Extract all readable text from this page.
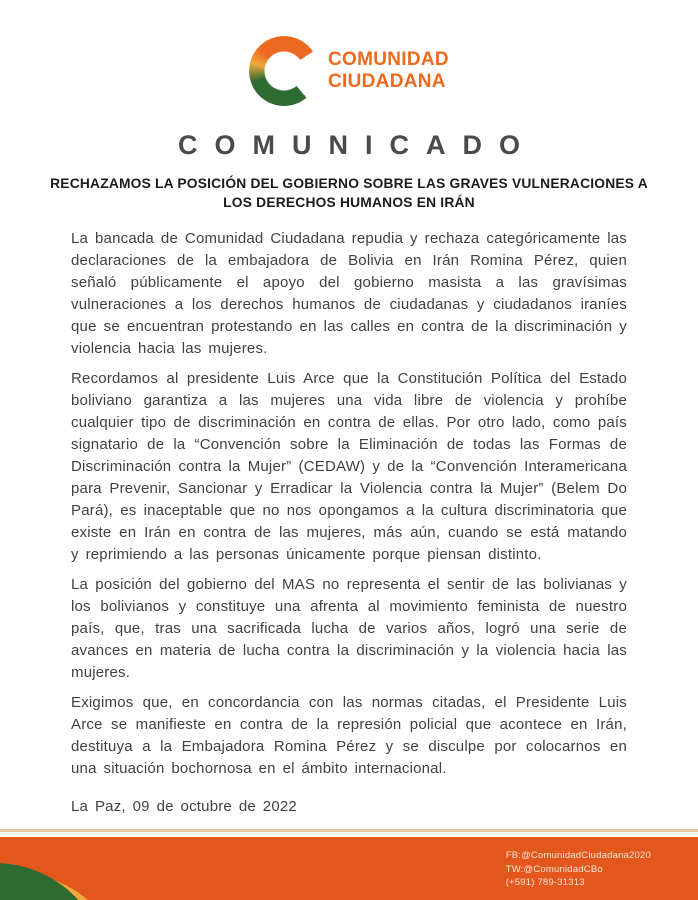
COMUNIDAD
CIUDADANA
COMUNICADO
RECHAZAMOS LA POSICIÓN DEL GOBIERNO SOBRE LAS GRAVES VULNERACIONES A
LOS DERECHOS HUMANOS EN IRÁN

La bancada de Comunidad Ciudadana repudia y rechaza categóricamente las declaraciones de la embajadora de Bolivia en Irán Romina Pérez, quien señaló públicamente el apoyo del gobierno masista a las gravísimas vulneraciones a los derechos humanos de ciudadanas y ciudadanos iraníes que se encuentran protestando en las calles en contra de la discriminación y violencia hacia las mujeres.

Recordamos al presidente Luis Arce que la Constitución Política del Estado boliviano garantiza a las mujeres una vida libre de violencia y prohíbe cualquier tipo de discriminación en contra de ellas. Por otro lado, como país signatario de la “Convención sobre la Eliminación de todas las Formas de Discriminación contra la Mujer” (CEDAW) y de la “Convención Interamericana para Prevenir, Sancionar y Erradicar la Violencia contra la Mujer” (Belem Do Pará), es inaceptable que no nos opongamos a la cultura discriminatoria que existe en Irán en contra de las mujeres, más aún, cuando se está matando y reprimiendo a las personas únicamente porque piensan distinto.

La posición del gobierno del MAS no representa el sentir de las bolivianas y los bolivianos y constituye una afrenta al movimiento feminista de nuestro país, que, tras una sacrificada lucha de varios años, logró una serie de avances en materia de lucha contra la discriminación y la violencia hacia las mujeres.

Exigimos que, en concordancia con las normas citadas, el Presidente Luis Arce se manifieste en contra de la represión policial que acontece en Irán, destituya a la Embajadora Romina Pérez y se disculpe por colocarnos en una situación bochornosa en el ámbito internacional.

La Paz, 09 de octubre de 2022

FB:@ComunidadCiudadana2020
TW:@ComunidadCBo
(+591) 789-31313
